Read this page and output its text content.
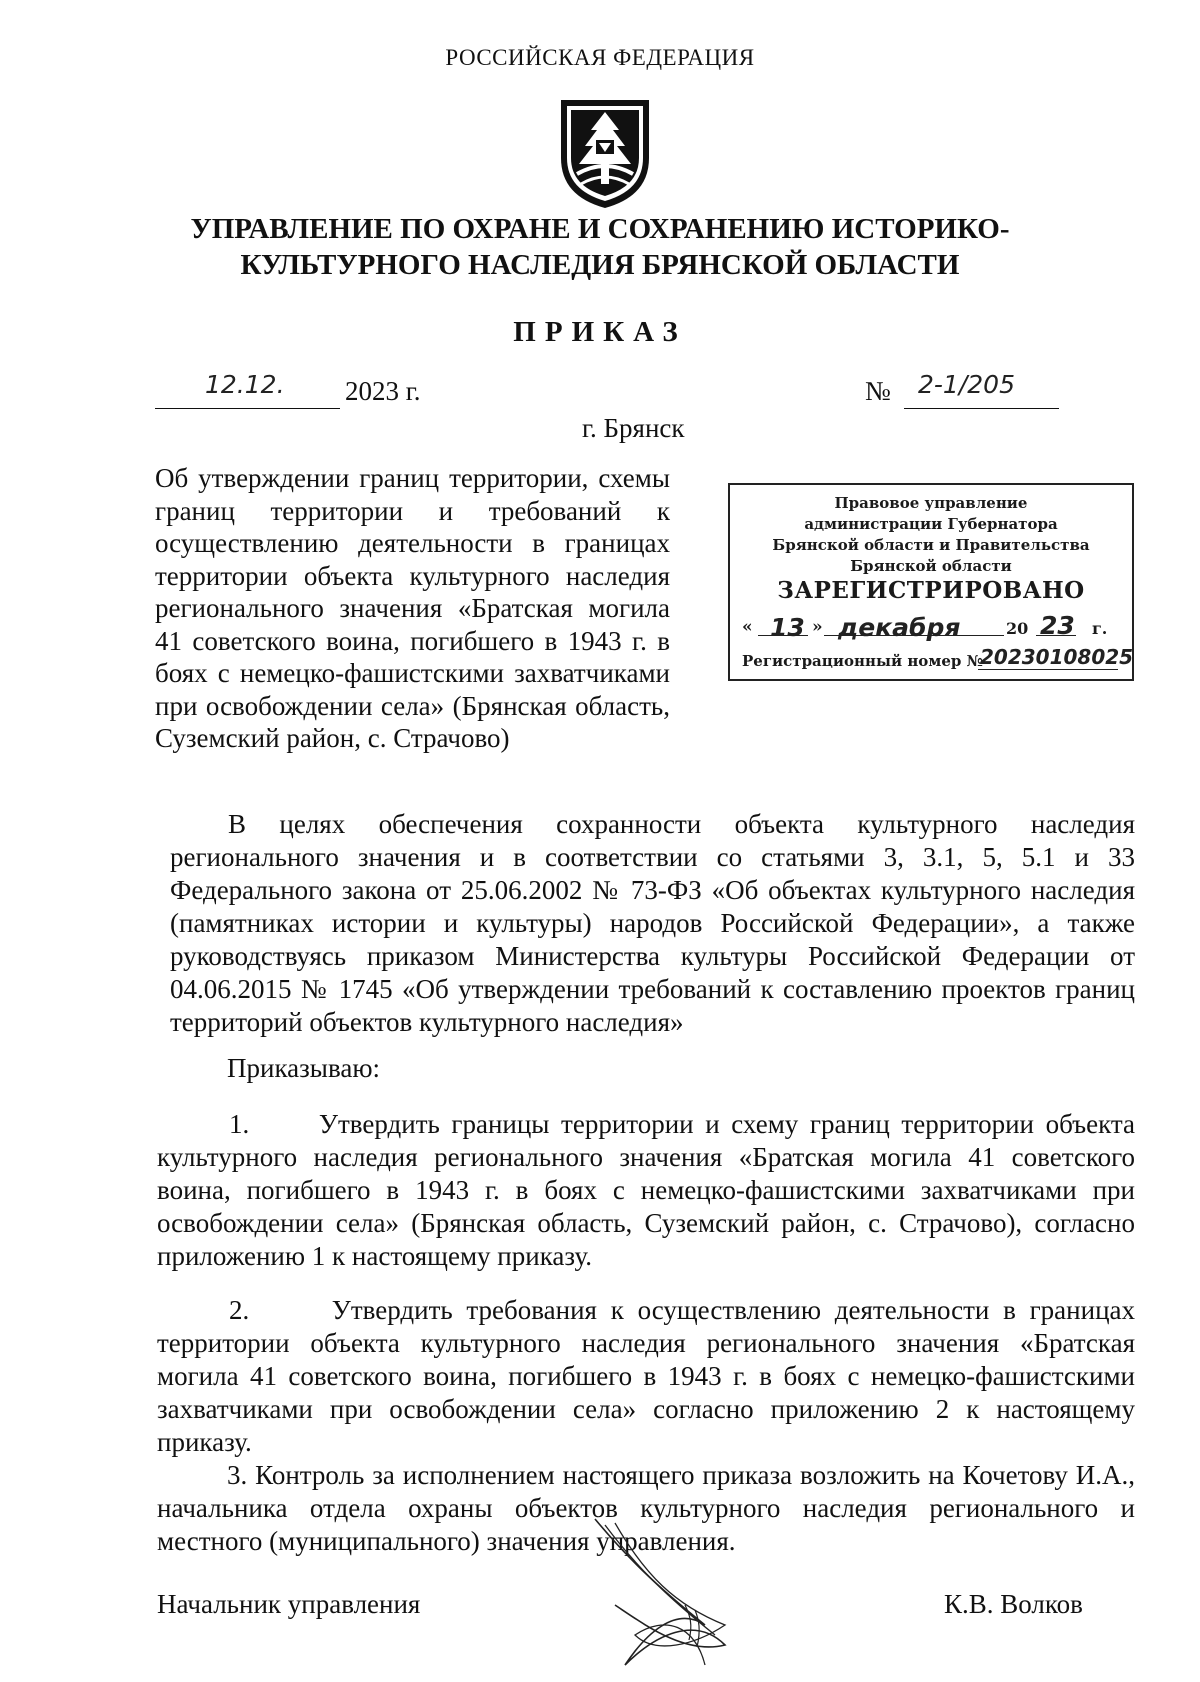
РОССИЙСКАЯ ФЕДЕРАЦИЯ
УПРАВЛЕНИЕ ПО ОХРАНЕ И СОХРАНЕНИЮ ИСТОРИКО-
КУЛЬТУРНОГО НАСЛЕДИЯ БРЯНСКОЙ ОБЛАСТИ
ПРИКАЗ
12.12. 2023 г.	№ 2-1/205
г. Брянск
Об утверждении границ территории, схемы границ территории и требований к осуществлению деятельности в границах территории объекта культурного наследия регионального значения «Братская могила 41 советского воина, погибшего в 1943 г. в боях с немецко-фашистскими захватчиками при освобождении села» (Брянская область, Суземский район, с. Страчово)
Правовое управление
администрации Губернатора
Брянской области и Правительства
Брянской области
ЗАРЕГИСТРИРОВАНО
« 13 » декабря	20 23 г.
Регистрационный номер №
20230108025
В целях обеспечения сохранности объекта культурного наследия регионального значения и в соответствии со статьями 3, 3.1, 5, 5.1 и 33 Федерального закона от 25.06.2002 № 73-ФЗ «Об объектах культурного наследия (памятниках истории и культуры) народов Российской Федерации», а также руководствуясь приказом Министерства культуры Российской Федерации от 04.06.2015 № 1745 «Об утверждении требований к составлению проектов границ территорий объектов культурного наследия»
Приказываю:
1.      Утвердить границы территории и схему границ территории объекта культурного наследия регионального значения «Братская могила 41 советского воина, погибшего в 1943 г. в боях с немецко-фашистскими захватчиками при освобождении села» (Брянская область, Суземский район, с. Страчово), согласно приложению 1 к настоящему приказу.
2.      Утвердить требования к осуществлению деятельности в границах территории объекта культурного наследия регионального значения «Братская могила 41 советского воина, погибшего в 1943 г. в боях с немецко-фашистскими захватчиками при освобождении села» согласно приложению 2 к настоящему приказу.
3. Контроль за исполнением настоящего приказа возложить на Кочетову И.А., начальника отдела охраны объектов культурного наследия регионального и местного (муниципального) значения управления.
Начальник управления	К.В. Волков
